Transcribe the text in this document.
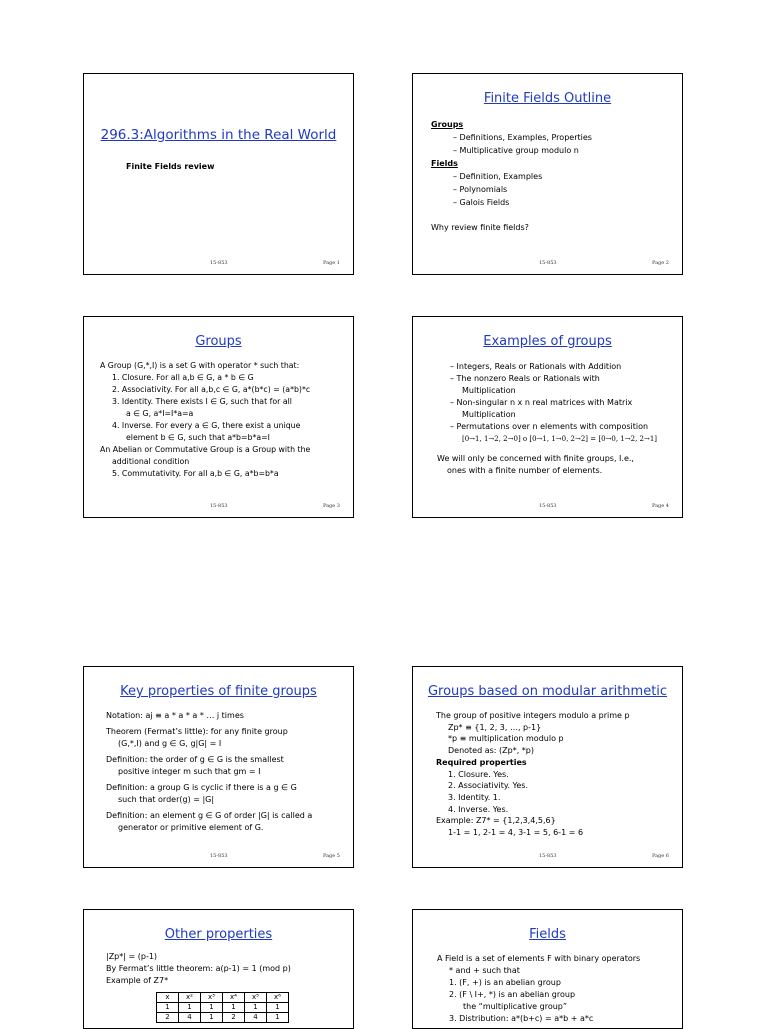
296.3:Algorithms in the Real World
Finite Fields review
15-853	Page 1
Finite Fields Outline
Groups
– Definitions, Examples, Properties
– Multiplicative group modulo n
Fields
– Definition, Examples
– Polynomials
– Galois Fields
Why review finite fields?
15-853	Page 2
Groups
A Group (G,*,I) is a set G with operator * such that:
1. Closure. For all a,b ∈ G, a * b ∈ G
2. Associativity. For all a,b,c ∈ G, a*(b*c) = (a*b)*c
3. Identity. There exists I ∈ G, such that for all
a ∈ G, a*I=I*a=a
4. Inverse. For every a ∈ G, there exist a unique
element b ∈ G, such that a*b=b*a=I
An Abelian or Commutative Group is a Group with the
additional condition
5. Commutativity. For all a,b ∈ G, a*b=b*a
15-853	Page 3
Examples of groups
– Integers, Reals or Rationals with Addition
– The nonzero Reals or Rationals with
Multiplication
– Non-singular n x n real matrices with Matrix
Multiplication
– Permutations over n elements with composition
[0→1, 1→2, 2→0] o [0→1, 1→0, 2→2] = [0→0, 1→2, 2→1]
We will only be concerned with finite groups, I.e.,
ones with a finite number of elements.
15-853	Page 4
Key properties of finite groups
Notation: aj ≡ a * a * a * … j times
Theorem (Fermat’s little): for any finite group
(G,*,I) and g ∈ G, g|G| = I
Definition: the order of g ∈ G is the smallest
positive integer m such that gm = I
Definition: a group G is cyclic if there is a g ∈ G
such that order(g) = |G|
Definition: an element g ∈ G of order |G| is called a
generator or primitive element of G.
15-853	Page 5
Groups based on modular arithmetic
The group of positive integers modulo a prime p
Zp* ≡ {1, 2, 3, …, p-1}
*p ≡ multiplication modulo p
Denoted as: (Zp*, *p)
Required properties
1. Closure. Yes.
2. Associativity. Yes.
3. Identity. 1.
4. Inverse. Yes.
Example: Z7* = {1,2,3,4,5,6}
1-1 = 1, 2-1 = 4, 3-1 = 5, 6-1 = 6
15-853	Page 6
Other properties
|Zp*| = (p-1)
By Fermat’s little theorem: a(p-1) = 1 (mod p)
Example of Z7*
x	x²	x³	x⁴	x⁵	x⁶
1	1	1	1	1	1
2	4	1	2	4	1
Fields
A Field is a set of elements F with binary operators
* and + such that
1. (F, +) is an abelian group
2. (F \ I+, *) is an abelian group
the “multiplicative group”
3. Distribution: a*(b+c) = a*b + a*c
